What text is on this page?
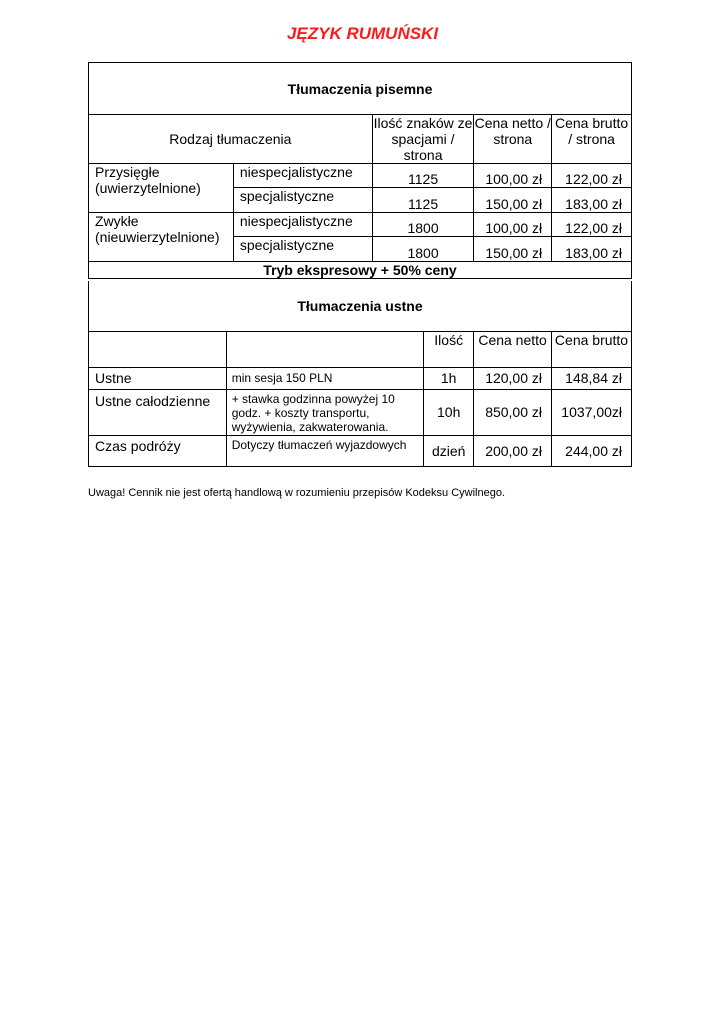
JĘZYK RUMUŃSKI
Tłumaczenia pisemne				
Rodzaj tłumaczenia		Ilość znaków ze spacjami / strona	Cena netto / strona	Cena brutto / strona
Przysięgłe (uwierzytelnione)	niespecjalistyczne	1125	100,00 zł	122,00 zł
	specjalistyczne	1125	150,00 zł	183,00 zł
Zwykłe (nieuwierzytelnione)	niespecjalistyczne	1800	100,00 zł	122,00 zł
	specjalistyczne	1800	150,00 zł	183,00 zł
Tryb ekspresowy + 50% ceny				
Tłumaczenia ustne				
		Ilość	Cena netto	Cena brutto
Ustne	min sesja 150 PLN	1h	120,00 zł	148,84 zł
Ustne całodzienne	+ stawka godzinna powyżej 10 godz. + koszty transportu, wyżywienia, zakwaterowania.	10h	850,00 zł	1037,00zł
Czas podróży	Dotyczy tłumaczeń wyjazdowych	dzień	200,00 zł	244,00 zł
Uwaga! Cennik nie jest ofertą handlową w rozumieniu przepisów Kodeksu Cywilnego.
